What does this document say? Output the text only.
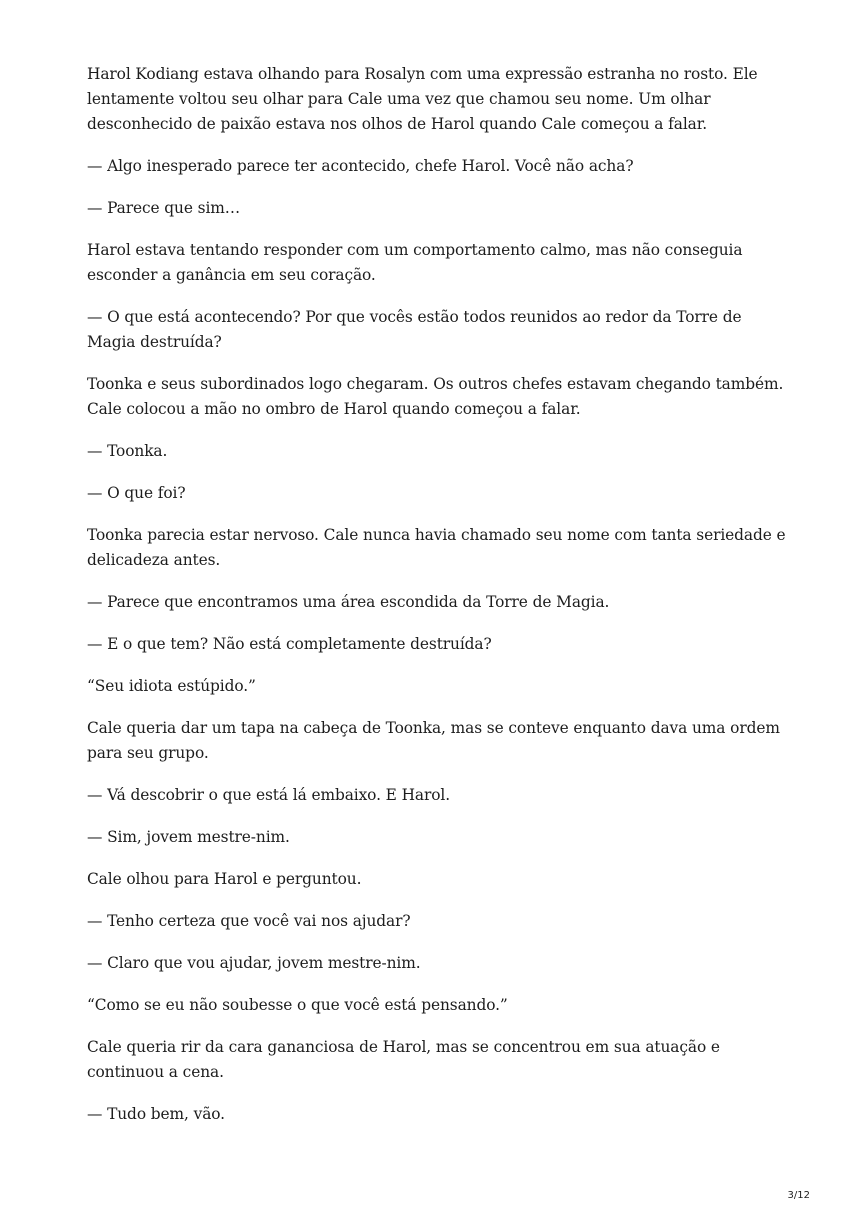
Harol Kodiang estava olhando para Rosalyn com uma expressão estranha no rosto. Ele lentamente voltou seu olhar para Cale uma vez que chamou seu nome. Um olhar desconhecido de paixão estava nos olhos de Harol quando Cale começou a falar.

— Algo inesperado parece ter acontecido, chefe Harol. Você não acha?

— Parece que sim…

Harol estava tentando responder com um comportamento calmo, mas não conseguia esconder a ganância em seu coração.

— O que está acontecendo? Por que vocês estão todos reunidos ao redor da Torre de Magia destruída?

Toonka e seus subordinados logo chegaram. Os outros chefes estavam chegando também. Cale colocou a mão no ombro de Harol quando começou a falar.

— Toonka.

— O que foi?

Toonka parecia estar nervoso. Cale nunca havia chamado seu nome com tanta seriedade e delicadeza antes.

— Parece que encontramos uma área escondida da Torre de Magia.

— E o que tem? Não está completamente destruída?

“Seu idiota estúpido.”

Cale queria dar um tapa na cabeça de Toonka, mas se conteve enquanto dava uma ordem para seu grupo.

— Vá descobrir o que está lá embaixo. E Harol.

— Sim, jovem mestre-nim.

Cale olhou para Harol e perguntou.

— Tenho certeza que você vai nos ajudar?

— Claro que vou ajudar, jovem mestre-nim.

“Como se eu não soubesse o que você está pensando.”

Cale queria rir da cara gananciosa de Harol, mas se concentrou em sua atuação e continuou a cena.

— Tudo bem, vão.

3/12
